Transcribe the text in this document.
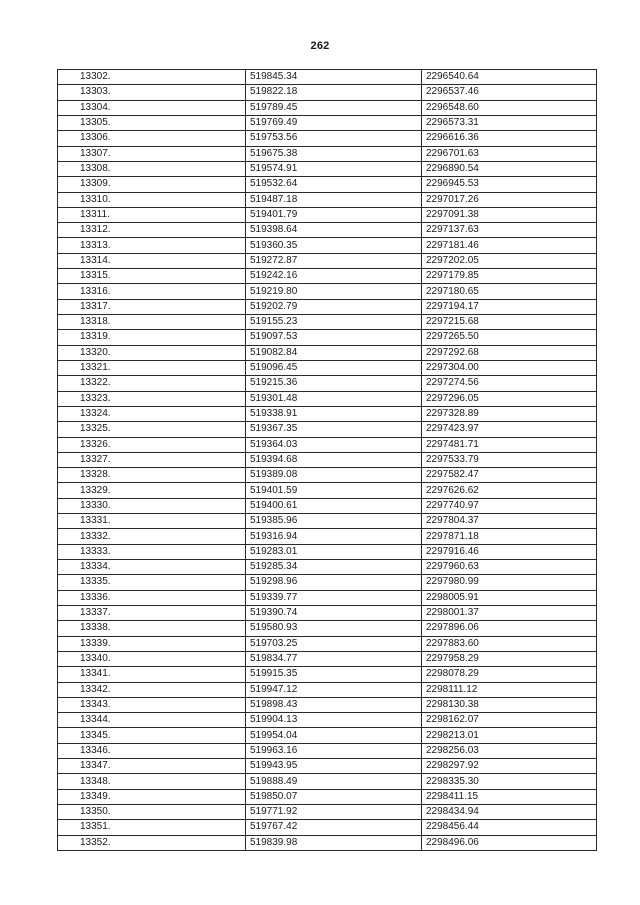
262
13302.	519845.34	2296540.64
13303.	519822.18	2296537.46
13304.	519789.45	2296548.60
13305.	519769.49	2296573.31
13306.	519753.56	2296616.36
13307.	519675.38	2296701.63
13308.	519574.91	2296890.54
13309.	519532.64	2296945.53
13310.	519487.18	2297017.26
13311.	519401.79	2297091.38
13312.	519398.64	2297137.63
13313.	519360.35	2297181.46
13314.	519272.87	2297202.05
13315.	519242.16	2297179.85
13316.	519219.80	2297180.65
13317.	519202.79	2297194.17
13318.	519155.23	2297215.68
13319.	519097.53	2297265.50
13320.	519082.84	2297292.68
13321.	519096.45	2297304.00
13322.	519215.36	2297274.56
13323.	519301.48	2297296.05
13324.	519338.91	2297328.89
13325.	519367.35	2297423.97
13326.	519364.03	2297481.71
13327.	519394.68	2297533.79
13328.	519389.08	2297582.47
13329.	519401.59	2297626.62
13330.	519400.61	2297740.97
13331.	519385.96	2297804.37
13332.	519316.94	2297871.18
13333.	519283.01	2297916.46
13334.	519285.34	2297960.63
13335.	519298.96	2297980.99
13336.	519339.77	2298005.91
13337.	519390.74	2298001.37
13338.	519580.93	2297896.06
13339.	519703.25	2297883.60
13340.	519834.77	2297958.29
13341.	519915.35	2298078.29
13342.	519947.12	2298111.12
13343.	519898.43	2298130.38
13344.	519904.13	2298162.07
13345.	519954.04	2298213.01
13346.	519963.16	2298256.03
13347.	519943.95	2298297.92
13348.	519888.49	2298335.30
13349.	519850.07	2298411.15
13350.	519771.92	2298434.94
13351.	519767.42	2298456.44
13352.	519839.98	2298496.06
